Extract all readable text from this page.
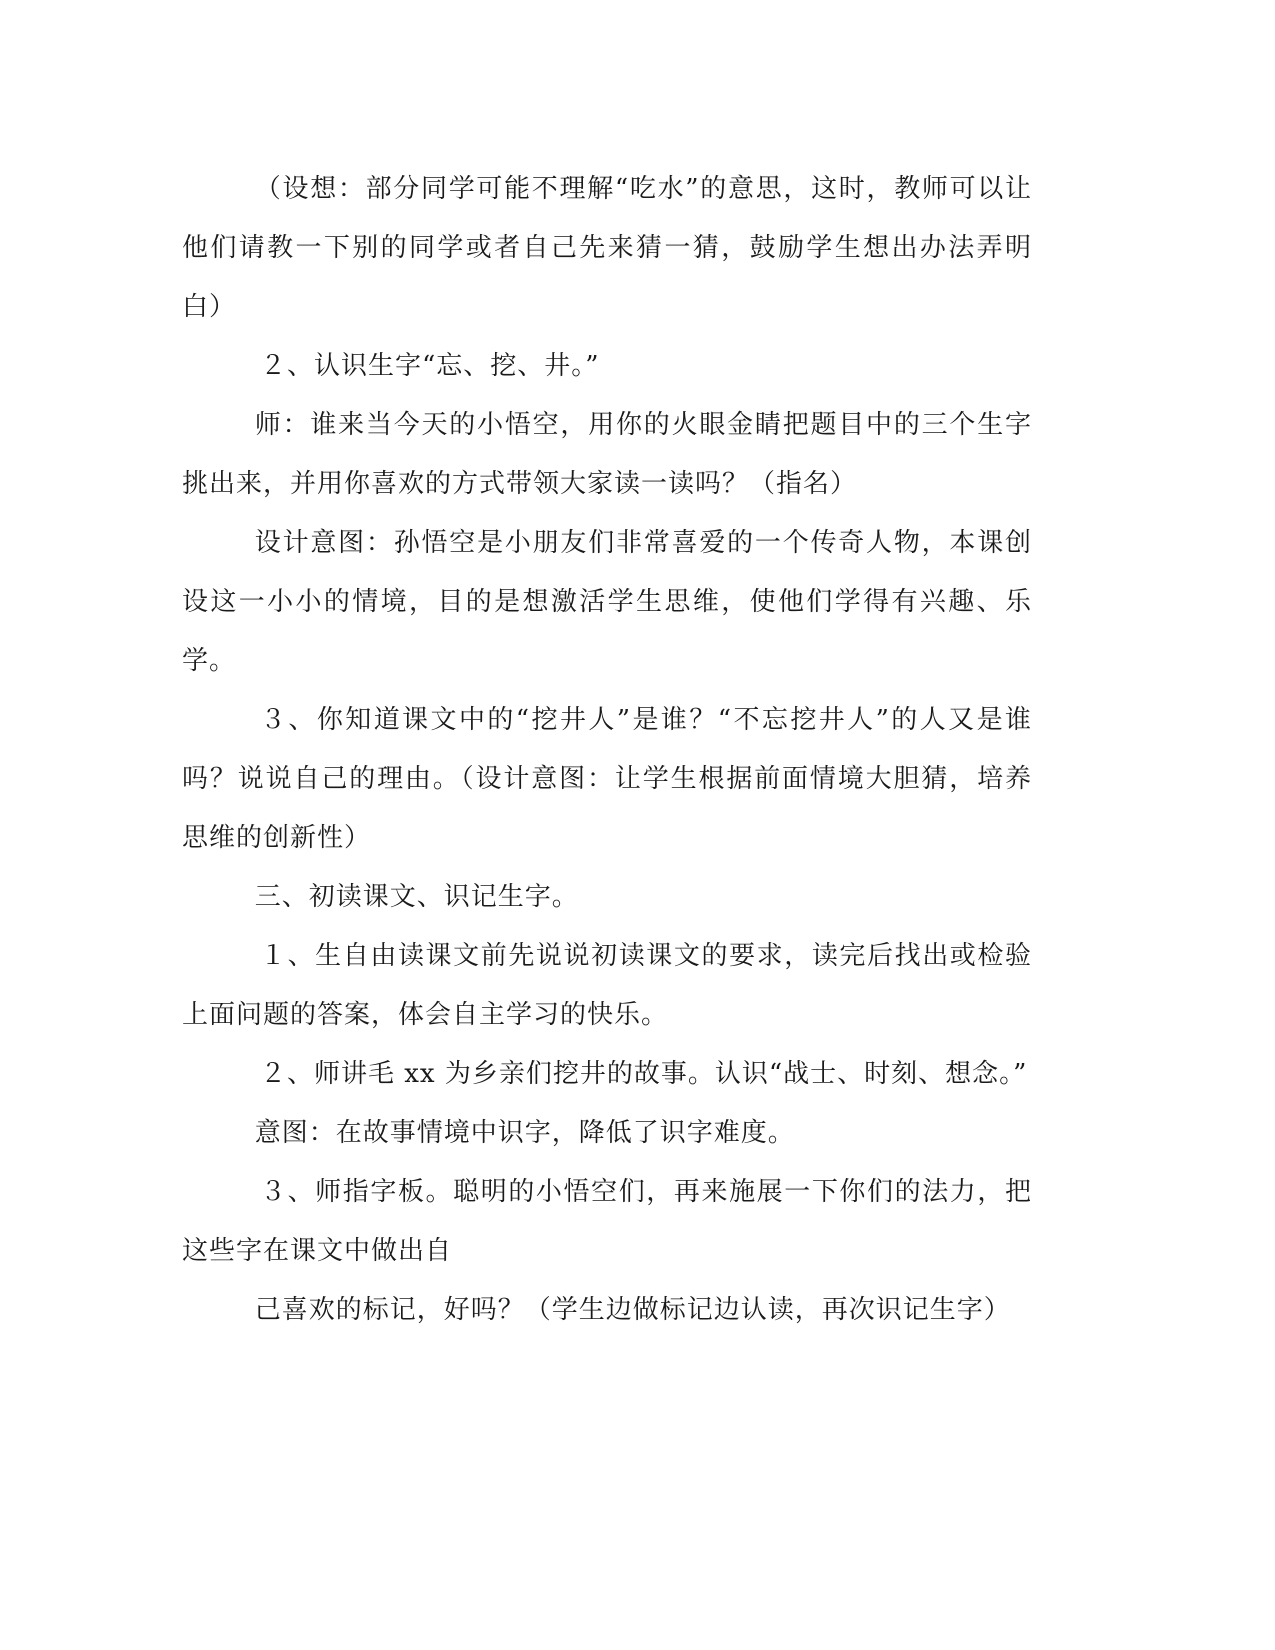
（设想：部分同学可能不理解“吃水”的意思，这时，教师可以让他们请教一下别的同学或者自己先来猜一猜，鼓励学生想出办法弄明白）

２、认识生字“忘、挖、井。”

师：谁来当今天的小悟空，用你的火眼金睛把题目中的三个生字挑出来，并用你喜欢的方式带领大家读一读吗？（指名）

设计意图：孙悟空是小朋友们非常喜爱的一个传奇人物，本课创设这一小小的情境，目的是想激活学生思维，使他们学得有兴趣、乐学。

３、你知道课文中的“挖井人”是谁？“不忘挖井人”的人又是谁吗？说说自己的理由。（设计意图：让学生根据前面情境大胆猜，培养思维的创新性）

三、初读课文、识记生字。

１、生自由读课文前先说说初读课文的要求，读完后找出或检验上面问题的答案，体会自主学习的快乐。

２、师讲毛 xx 为乡亲们挖井的故事。认识“战士、时刻、想念。”

意图：在故事情境中识字，降低了识字难度。

３、师指字板。聪明的小悟空们，再来施展一下你们的法力，把这些字在课文中做出自

己喜欢的标记，好吗？（学生边做标记边认读，再次识记生字）
